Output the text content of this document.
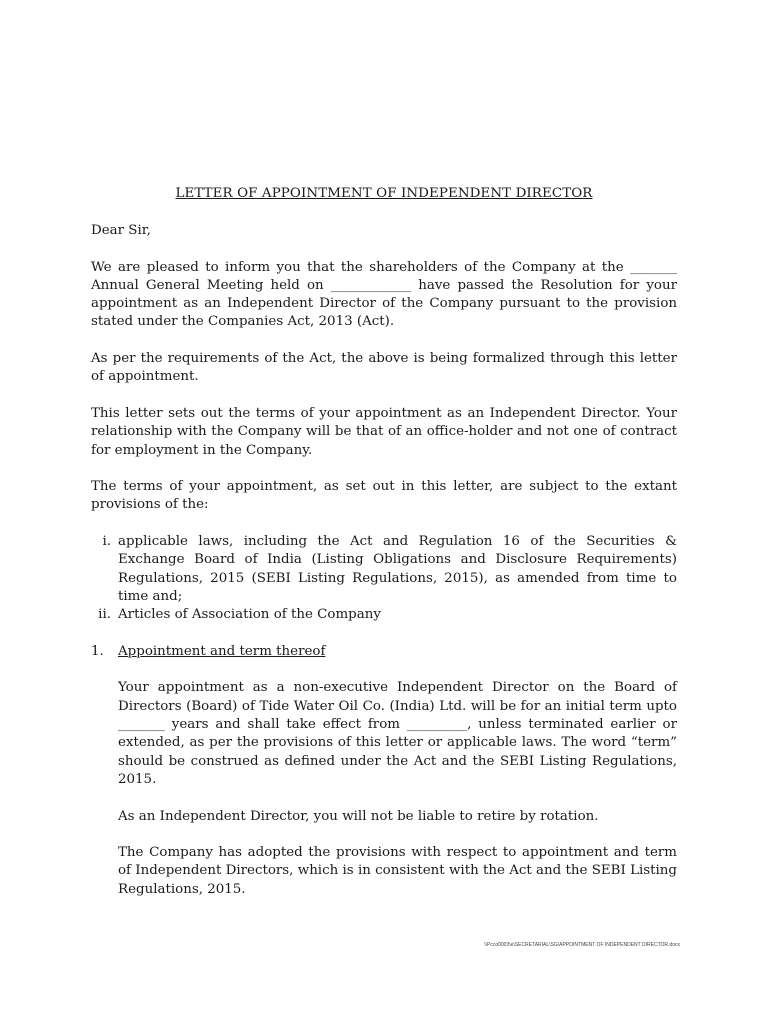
LETTER OF APPOINTMENT OF INDEPENDENT DIRECTOR
Dear Sir,

We are pleased to inform you that the shareholders of the Company at the _______ Annual General Meeting held on ____________ have passed the Resolution for your appointment as an Independent Director of the Company pursuant to the provision stated under the Companies Act, 2013 (Act).

As per the requirements of the Act, the above is being formalized through this letter of appointment.

This letter sets out the terms of your appointment as an Independent Director. Your relationship with the Company will be that of an office-holder and not one of contract for employment in the Company.

The terms of your appointment, as set out in this letter, are subject to the extant provisions of the:

i. applicable laws, including the Act and Regulation 16 of the Securities & Exchange Board of India (Listing Obligations and Disclosure Requirements) Regulations, 2015 (SEBI Listing Regulations, 2015), as amended from time to time and;
ii. Articles of Association of the Company
1. Appointment and term thereof

Your appointment as a non-executive Independent Director on the Board of Directors (Board) of Tide Water Oil Co. (India) Ltd. will be for an initial term upto _______ years and shall take effect from _________, unless terminated earlier or extended, as per the provisions of this letter or applicable laws. The word “term” should be construed as defined under the Act and the SEBI Listing Regulations, 2015.

As an Independent Director, you will not be liable to retire by rotation.

The Company has adopted the provisions with respect to appointment and term of Independent Directors, which is in consistent with the Act and the SEBI Listing Regulations, 2015.

\\Pcco0003\e\SECRETARIAL\SG\APPOINTMENT OF INDEPENDENT DIRECTOR.docx
